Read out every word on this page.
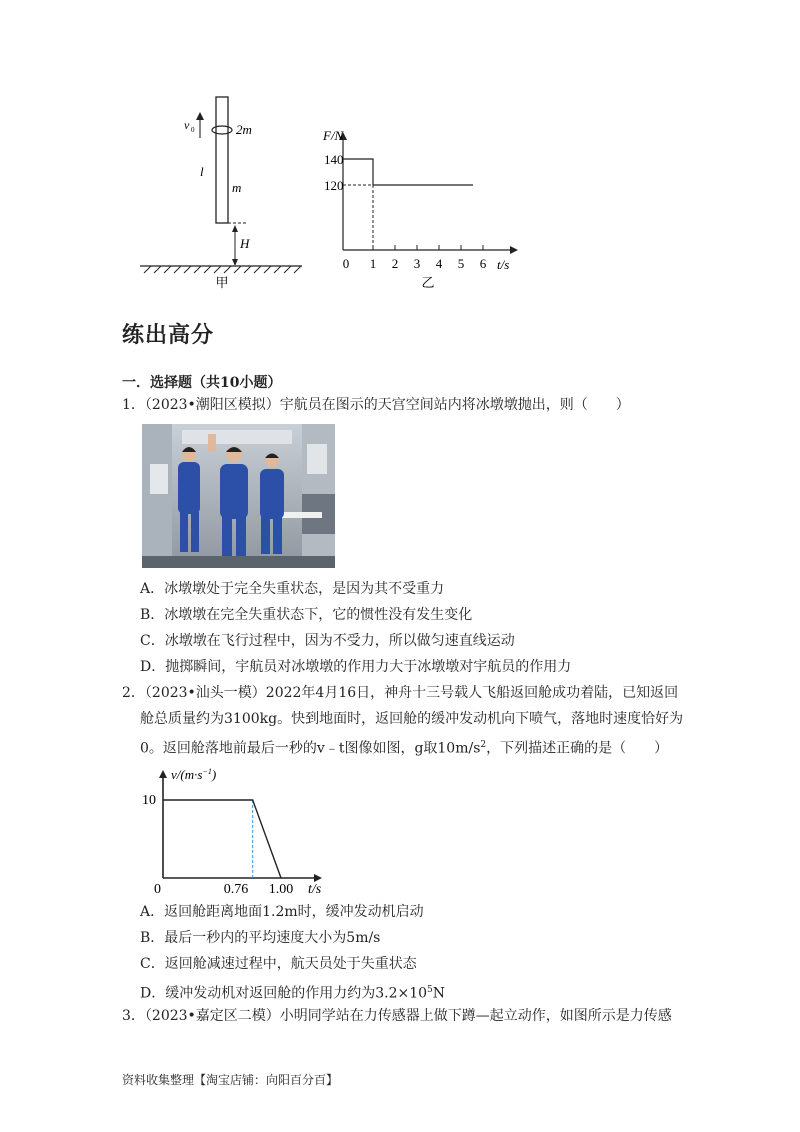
v 0	2m
m
l
H
甲
F/N
t/s
0 1 2 3 4 5 6
140
120
乙
练出高分
一．选择题（共10小题）
1．（2023•潮阳区模拟）宇航员在图示的天宫空间站内将冰墩墩抛出，则（　　）
A．冰墩墩处于完全失重状态，是因为其不受重力
B．冰墩墩在完全失重状态下，它的惯性没有发生变化
C．冰墩墩在飞行过程中，因为不受力，所以做匀速直线运动
D．抛掷瞬间，宇航员对冰墩墩的作用力大于冰墩墩对宇航员的作用力
2．（2023•汕头一模）2022年4月16日，神舟十三号载人飞船返回舱成功着陆，已知返回
舱总质量约为3100kg。快到地面时，返回舱的缓冲发动机向下喷气，落地时速度恰好为
0。返回舱落地前最后一秒的v﹣t图像如图，g取$10m/s^2$，下列描述正确的是（　　）
$v/(m\cdot s^{-1})$
t/s
0
10
0.76 1.00
A．返回舱距离地面1.2m时，缓冲发动机启动
B．最后一秒内的平均速度大小为5m/s
C．返回舱减速过程中，航天员处于失重状态
D．缓冲发动机对返回舱的作用力约为$3.2\times 10^5N$
3．（2023•嘉定区二模）小明同学站在力传感器上做下蹲—起立动作，如图所示是力传感
资料收集整理【淘宝店铺：向阳百分百】
